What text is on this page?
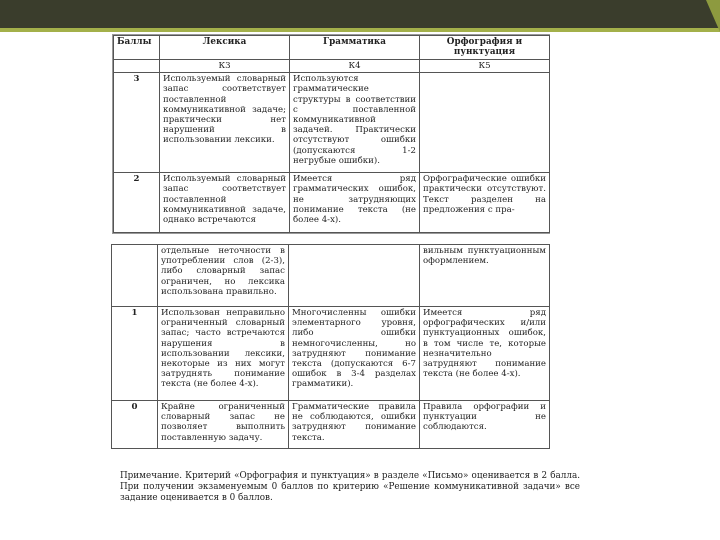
Баллы	Лексика	Грамматика	Орфография и пунктуация
	К3	К4	К5
3	Используемый словарный запас соответствует поставленной коммуникативной задаче; практически нет нарушений в использовании лексики.	Используются грамматические структуры в соответствии с поставленной коммуникативной задачей. Практически отсутствуют ошибки (допускаются 1-2 негрубые ошибки).	
2	Используемый словарный запас соответствует поставленной коммуникативной задаче, однако встречаются	Имеется ряд грамматических ошибок, не затрудняющих понимание текста (не более 4-х).	Орфографические ошибки практически отсутствуют. Текст разделен на предложения с пра-
	отдельные неточности в употреблении слов (2-3), либо словарный запас ограничен, но лексика использована правильно.		вильным пунктуационным оформлением.
1	Использован неправильно ограниченный словарный запас; часто встречаются нарушения в использовании лексики, некоторые из них могут затруднять понимание текста (не более 4-х).	Многочисленны ошибки элементарного уровня, либо ошибки немногочисленны, но затрудняют понимание текста (допускаются 6-7 ошибок в 3-4 разделах грамматики).	Имеется ряд орфографических и/или пунктуационных ошибок, в том числе те, которые незначительно затрудняют понимание текста (не более 4-х).
0	Крайне ограниченный словарный запас не позволяет выполнить поставленную задачу.	Грамматические правила не соблюдаются, ошибки затрудняют понимание текста.	Правила орфографии и пунктуации не соблюдаются.
Примечание. Критерий «Орфография и пунктуация» в разделе «Письмо» оценивается в 2 балла. При получении экзаменуемым 0 баллов по критерию «Решение коммуникативной задачи» все задание оценивается в 0 баллов.
